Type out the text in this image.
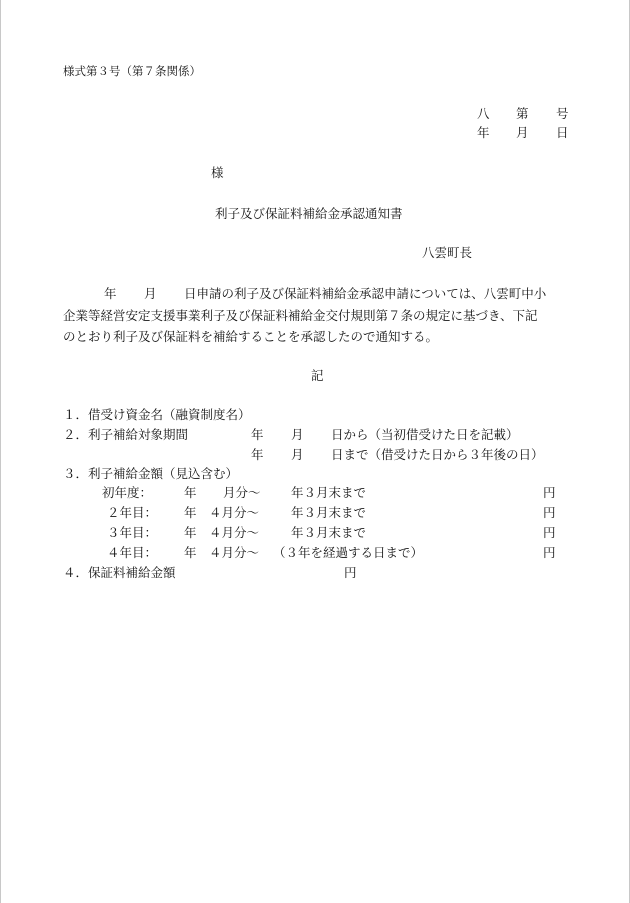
様式第３号（第７条関係）
八 第 号
年 月 日
様
利子及び保証料補給金承認通知書
八雲町長
年 月 日申請の利子及び保証料補給金承認申請については、八雲町中小
企業等経営安定支援事業利子及び保証料補給金交付規則第７条の規定に基づき、下記
のとおり利子及び保証料を補給することを承認したので通知する。
記
１．借受け資金名（融資制度名）
２．利子補給対象期間	年 月 日から（当初借受けた日を記載）
年 月 日まで（借受けた日から３年後の日）
３．利子補給金額（見込含む）
初年度：	年 月分～ 年３月末まで	円
２年目： 年 ４月分～	年３月末まで	円
３年目： 年 ４月分～	年３月末まで	円
４年目： 年 ４月分～ （３年を経過する日まで）	円
４．保証料補給金額	円
